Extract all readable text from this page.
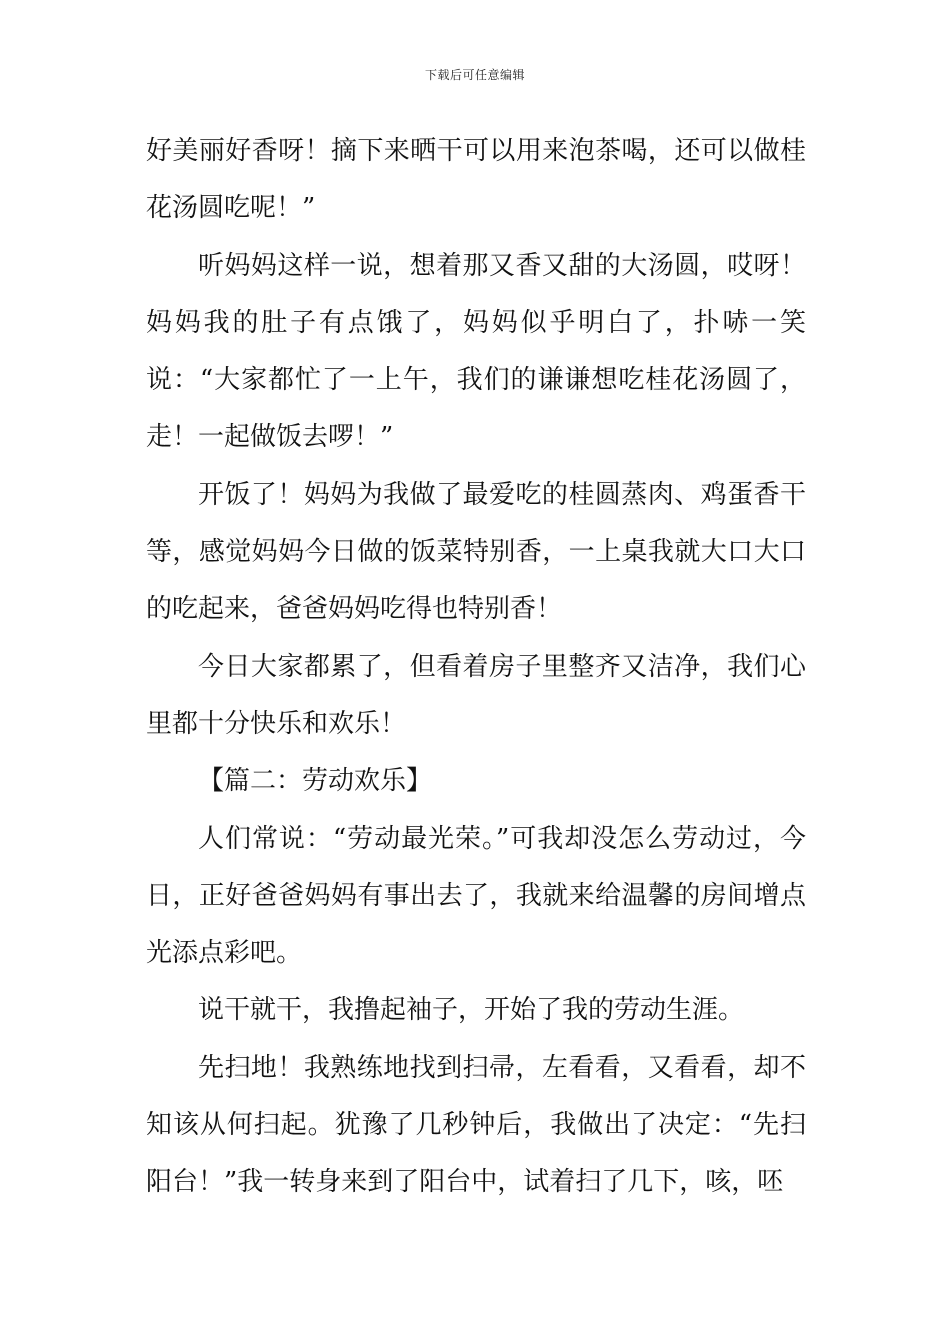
下载后可任意编辑

好美丽好香呀！摘下来晒干可以用来泡茶喝，还可以做桂花汤圆吃呢！”

听妈妈这样一说，想着那又香又甜的大汤圆，哎呀！妈妈我的肚子有点饿了，妈妈似乎明白了，扑哧一笑说：“大家都忙了一上午，我们的谦谦想吃桂花汤圆了，走！一起做饭去啰！”

开饭了！妈妈为我做了最爱吃的桂圆蒸肉、鸡蛋香干等，感觉妈妈今日做的饭菜特别香，一上桌我就大口大口的吃起来，爸爸妈妈吃得也特别香！

今日大家都累了，但看着房子里整齐又洁净，我们心里都十分快乐和欢乐！

【篇二：劳动欢乐】

人们常说：“劳动最光荣。”可我却没怎么劳动过，今日，正好爸爸妈妈有事出去了，我就来给温馨的房间增点光添点彩吧。

说干就干，我撸起袖子，开始了我的劳动生涯。

先扫地！我熟练地找到扫帚，左看看，又看看，却不知该从何扫起。犹豫了几秒钟后，我做出了决定：“先扫阳台！”我一转身来到了阳台中，试着扫了几下，咳，呸
